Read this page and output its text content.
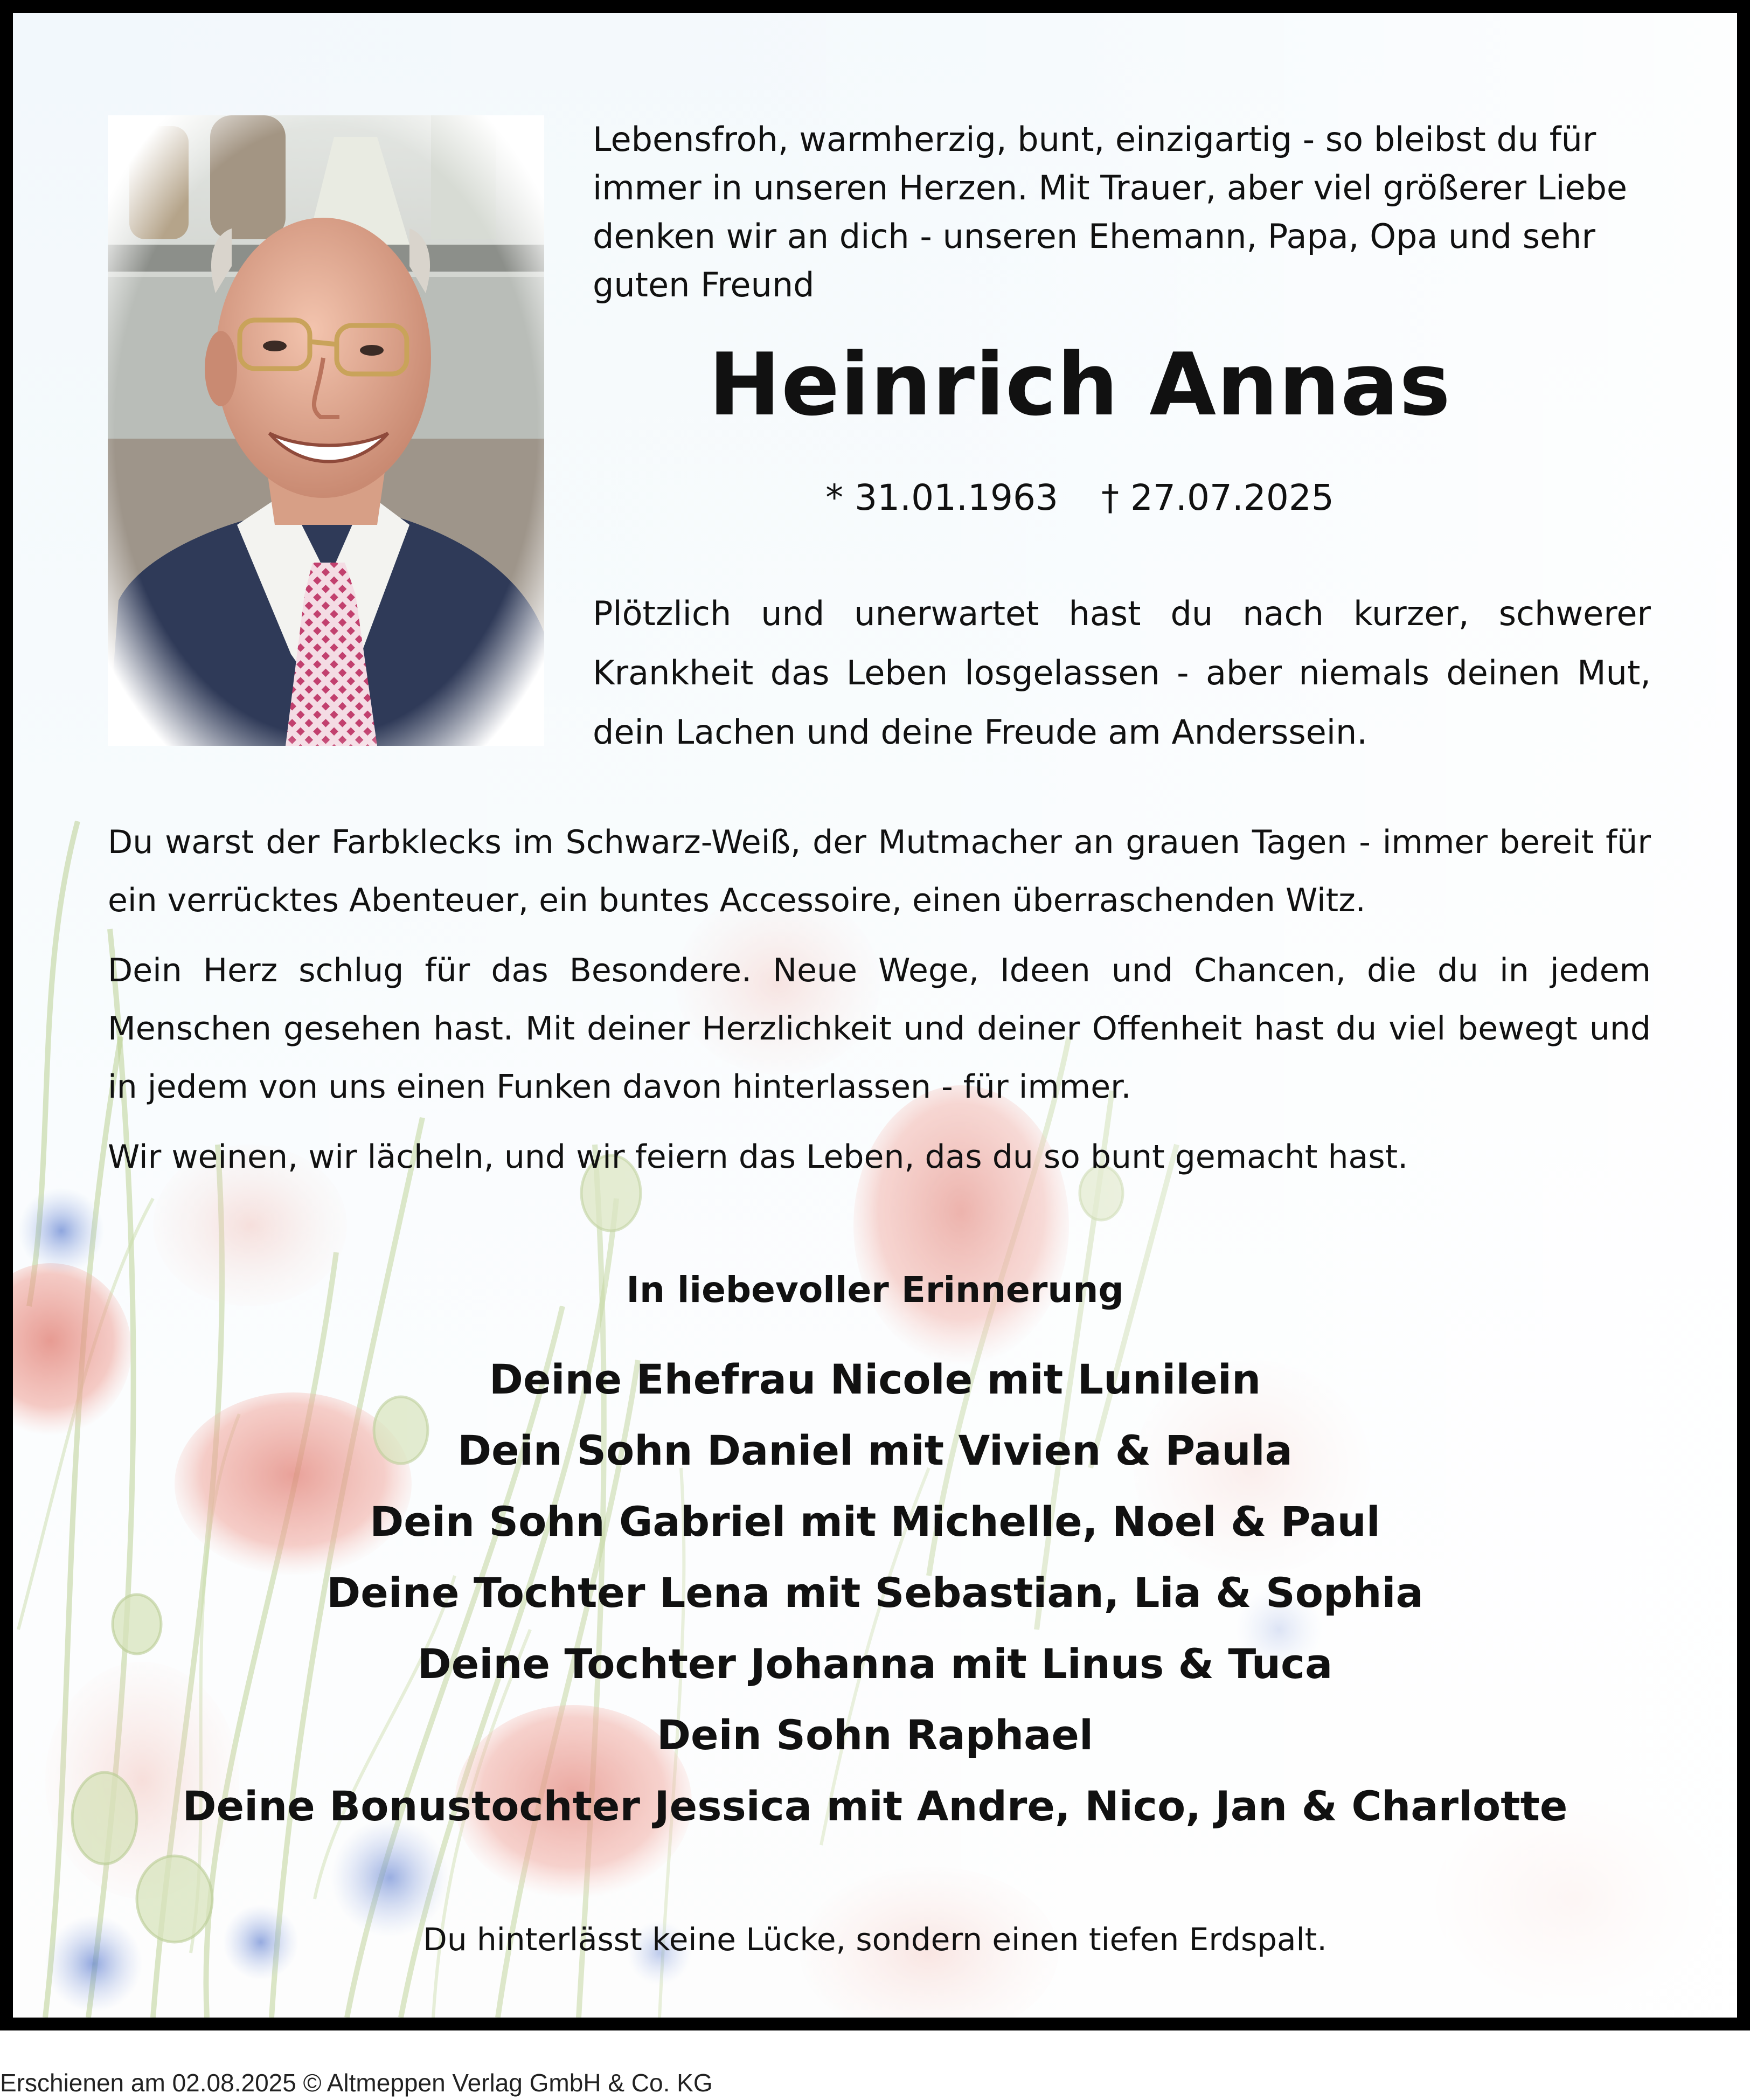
Lebensfroh, warmherzig, bunt, einzigartig - so bleibst du für immer in unseren Herzen. Mit Trauer, aber viel größerer Liebe denken wir an dich - unseren Ehemann, Papa, Opa und sehr guten Freund

Heinrich Annas
* 31.01.1963 † 27.07.2025

Plötzlich und unerwartet hast du nach kurzer, schwerer Krankheit das Leben losgelassen - aber niemals deinen Mut, dein Lachen und deine Freude am Anderssein.

Du warst der Farbklecks im Schwarz-Weiß, der Mutmacher an grauen Tagen - immer bereit für ein verrücktes Abenteuer, ein buntes Accessoire, einen überraschenden Witz.

Dein Herz schlug für das Besondere. Neue Wege, Ideen und Chancen, die du in jedem Menschen gesehen hast. Mit deiner Herzlichkeit und deiner Offenheit hast du viel bewegt und in jedem von uns einen Funken davon hinterlassen - für immer.

Wir weinen, wir lächeln, und wir feiern das Leben, das du so bunt gemacht hast.

In liebevoller Erinnerung
Deine Ehefrau Nicole mit Lunilein
Dein Sohn Daniel mit Vivien & Paula
Dein Sohn Gabriel mit Michelle, Noel & Paul
Deine Tochter Lena mit Sebastian, Lia & Sophia
Deine Tochter Johanna mit Linus & Tuca
Dein Sohn Raphael
Deine Bonustochter Jessica mit Andre, Nico, Jan & Charlotte
Du hinterlässt keine Lücke, sondern einen tiefen Erdspalt.
Erschienen am 02.08.2025 © Altmeppen Verlag GmbH & Co. KG
